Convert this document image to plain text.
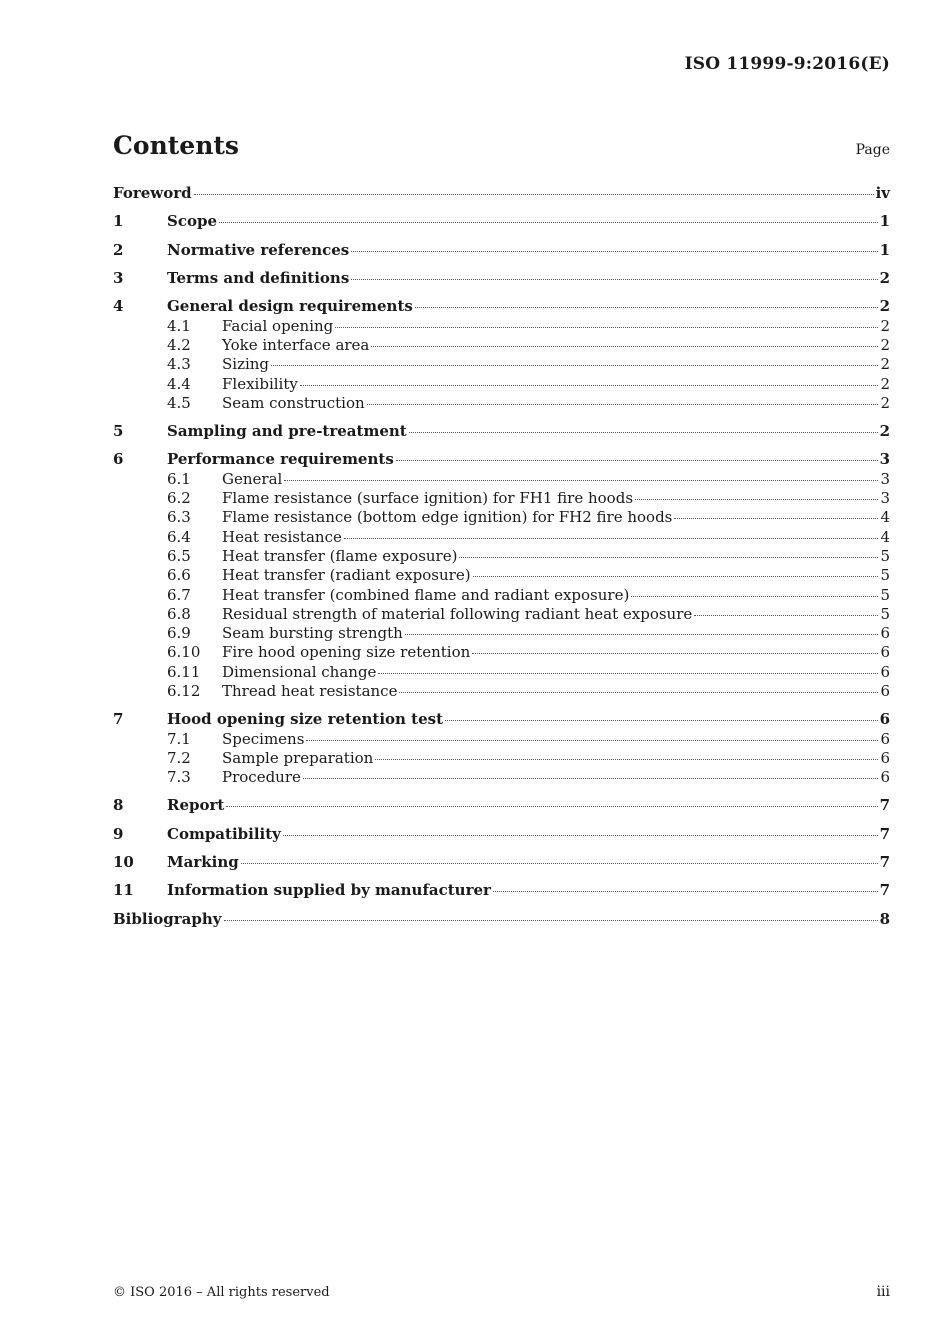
ISO 11999-9:2016(E)
Contents	Page
Foreword	iv
1	Scope	1
2	Normative references	1
3	Terms and definitions	2
4	General design requirements	2
4.1	Facial opening	2
4.2	Yoke interface area	2
4.3	Sizing	2
4.4	Flexibility	2
4.5	Seam construction	2
5	Sampling and pre-treatment	2
6	Performance requirements	3
6.1	General	3
6.2	Flame resistance (surface ignition) for FH1 fire hoods	3
6.3	Flame resistance (bottom edge ignition) for FH2 fire hoods	4
6.4	Heat resistance	4
6.5	Heat transfer (flame exposure)	5
6.6	Heat transfer (radiant exposure)	5
6.7	Heat transfer (combined flame and radiant exposure)	5
6.8	Residual strength of material following radiant heat exposure	5
6.9	Seam bursting strength	6
6.10	Fire hood opening size retention	6
6.11	Dimensional change	6
6.12	Thread heat resistance	6
7	Hood opening size retention test	6
7.1	Specimens	6
7.2	Sample preparation	6
7.3	Procedure	6
8	Report	7
9	Compatibility	7
10	Marking	7
11	Information supplied by manufacturer	7
Bibliography	8
© ISO 2016 – All rights reserved	iii
